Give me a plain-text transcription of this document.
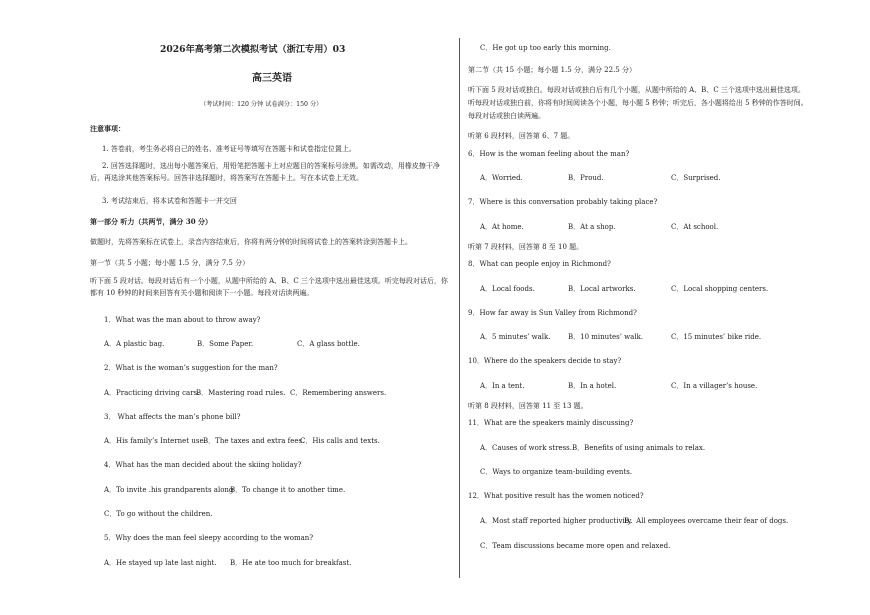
2026年高考第二次模拟考试（浙江专用）03
高三英语
（考试时间：120 分钟 试卷满分：150 分）
注意事项：
1. 答卷前，考生务必将自己的姓名、准考证号等填写在答题卡和试卷指定位置上。
2. 回答选择题时，选出每小题答案后，用铅笔把答题卡上对应题目的答案标号涂黑。如需改动，用橡皮擦干净后，再选涂其他答案标号。回答非选择题时，将答案写在答题卡上。写在本试卷上无效。
3. 考试结束后，将本试卷和答题卡一并交回
第一部分 听力（共两节，满分 30 分）
做题时，先将答案标在试卷上，录音内容结束后，你将有两分钟的时间将试卷上的答案转涂到答题卡上。
第一节（共 5 小题；每小题 1.5 分，满分 7.5 分）
听下面 5 段对话。每段对话后有一个小题，从题中所给的 A、B、C 三个选项中选出最佳选项。听完每段对话后，你都有 10 秒钟的时间来回答有关小题和阅读下一小题。每段对话读两遍。
1．What was the man about to throw away?
A．A plastic bag.	B．Some Paper.	C．A glass bottle.
2．What is the woman’s suggestion for the man?
A．Practicing driving cars.
B．Mastering road rules. C．Remembering answers.
3． What affects the man’s phone bill?
A．His family’s Internet use.
B．The taxes and extra fees.
C．His calls and texts.
4．What has the man decided about the skiing holiday?
A．To invite .his grandparents along
B．To change it to another time.
C．To go without the children.
5．Why does the man feel sleepy according to the woman?
A．He stayed up late last night. B．He ate too much for breakfast.
C．He got up too early this morning.
第二节（共 15 小题；每小题 1.5 分，满分 22.5 分）
听下面 5 段对话或独白。每段对话或独白后有几个小题，从题中所给的 A、B、C 三个选项中选出最佳选项。
听每段对话或独白前，你将有时间阅读各个小题，每小题 5 秒钟；听完后，各小题将给出 5 秒钟的作答时间。
每段对话或独白读两遍。
听第 6 段材料，回答第 6、7 题。
6．How is the woman feeling about the man?
A．Worried.	B．Proud.	C．Surprised.
7．Where is this conversation probably taking place?
A．At home.	B．At a shop.	C．At school.
听第 7 段材料，回答第 8 至 10 题。
8．What can people enjoy in Richmond?
A．Local foods.	B．Local artworks.	C．Local shopping centers.
9．How far away is Sun Valley from Richmond?
A．5 minutes’ walk.	B．10 minutes’ walk.	C．15 minutes’ bike ride.
10．Where do the speakers decide to stay?
A．In a tent.	B．In a hotel.	C．In a villager’s house.
听第 8 段材料，回答第 11 至 13 题。
11．What are the speakers mainly discussing?
A．Causes of work stress. B．Benefits of using animals to relax.
C．Ways to organize team-building events.
12．What positive result has the women noticed?
A．Most staff reported higher productivity.
B．All employees overcame their fear of dogs.
C．Team discussions became more open and relaxed.
